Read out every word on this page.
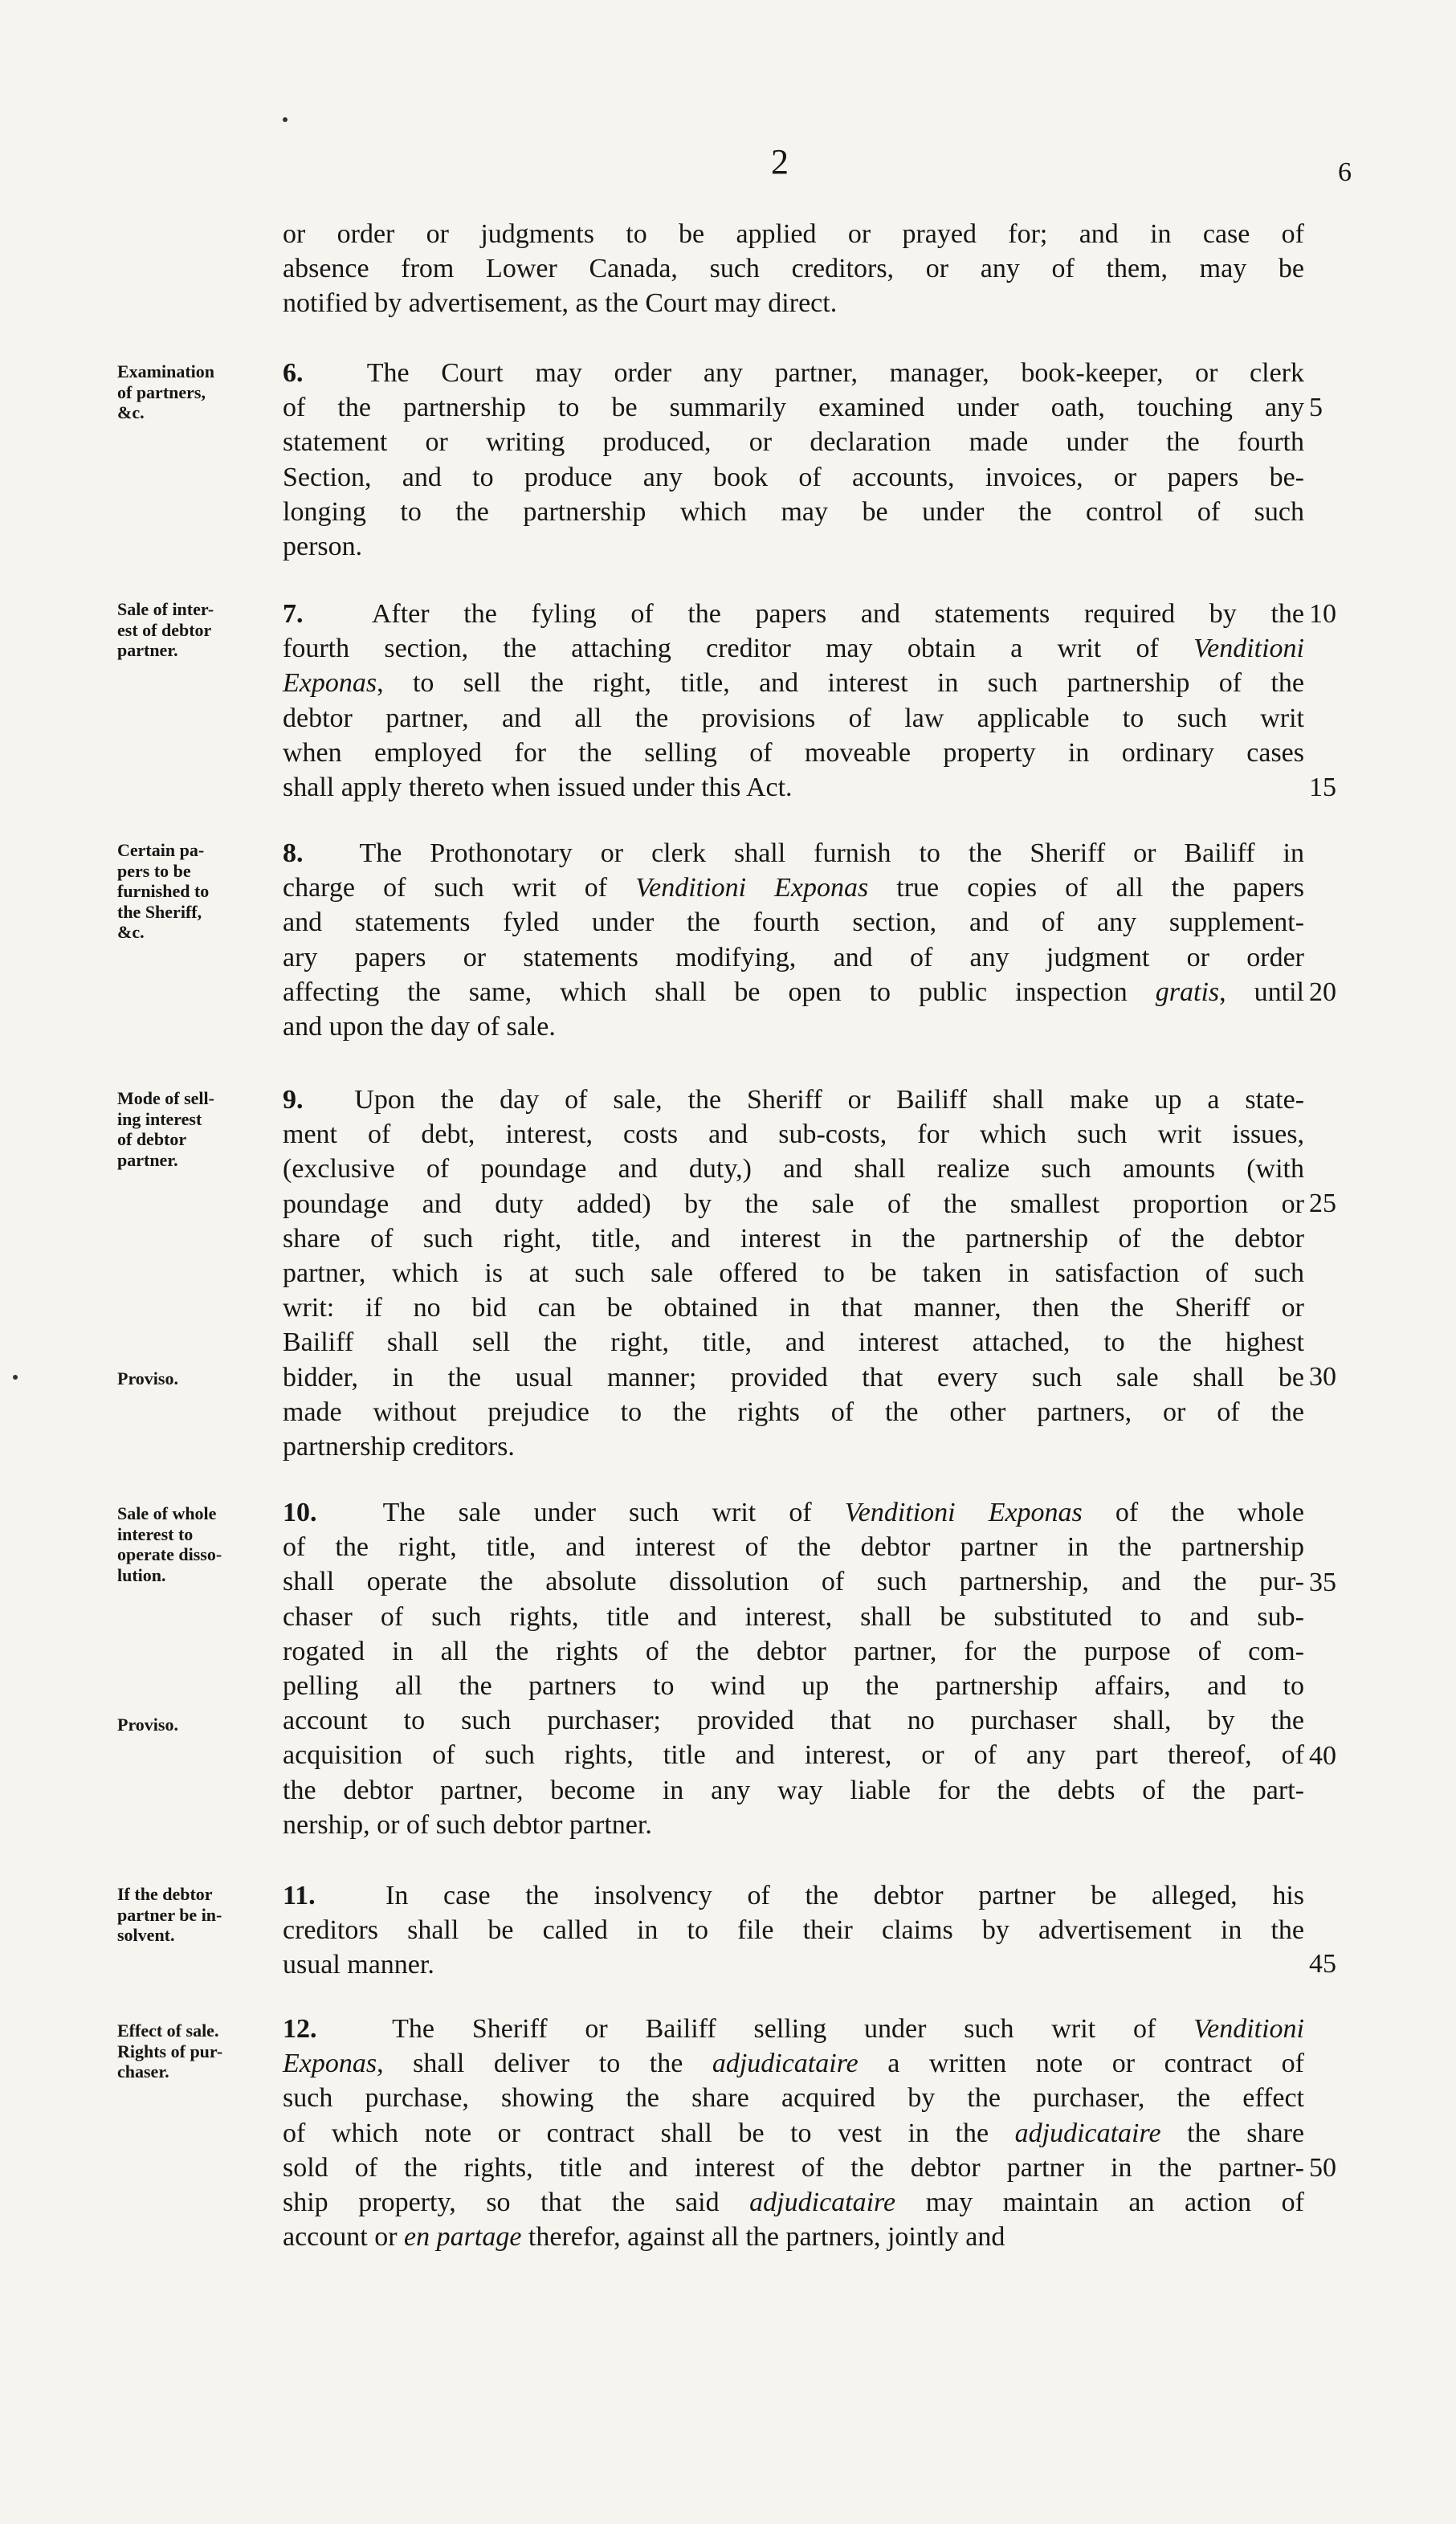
2	6
or order or judgments to be applied or prayed for; and in case of
absence from Lower Canada, such creditors, or any of them, may be
notified by advertisement, as the Court may direct.
Examination
of partners,
&c.
6. The Court may order any partner, manager, book-keeper, or clerk
of the partnership to be summarily examined under oath, touching any
statement or writing produced, or declaration made under the fourth
Section, and to produce any book of accounts, invoices, or papers be-
longing to the partnership which may be under the control of such
person.
Sale of inter-
est of debtor
partner.
7.	After the fyling of the papers and statements required by the
fourth section, the attaching creditor may obtain a writ of Venditioni
Exponas, to sell the right, title, and interest in such partnership of the
debtor partner, and all the provisions of law applicable to such writ
when employed for the selling of moveable property in ordinary cases
shall apply thereto when issued under this Act.
Certain pa-
pers to be
furnished to
the Sheriff,
&c.
8. The Prothonotary or clerk shall furnish to the Sheriff or Bailiff in
charge of such writ of Venditioni Exponas true copies of all the papers
and statements fyled under the fourth section, and of any supplement-
ary papers or statements modifying, and of any judgment or order
affecting the same, which shall be open to public inspection gratis, until
and upon the day of sale.
Mode of sell-
ing interest
of debtor
partner.
Proviso.
9. Upon the day of sale, the Sheriff or Bailiff shall make up a state-
ment of debt, interest, costs and sub-costs, for which such writ issues,
(exclusive of poundage and duty,) and shall realize such amounts (with
poundage and duty added) by the sale of the smallest proportion or
share of such right, title, and interest in the partnership of the debtor
partner, which is at such sale offered to be taken in satisfaction of such
writ: if no bid can be obtained in that manner, then the Sheriff or
Bailiff shall sell the right, title, and interest attached, to the highest
bidder, in the usual manner; provided that every such sale shall be
made without prejudice to the rights of the other partners, or of the
partnership creditors.
Sale of whole
interest to
operate disso-
lution.
Proviso.
10.  The sale under such writ of Venditioni Exponas of the whole
of the right, title, and interest of the debtor partner in the partnership
shall operate the absolute dissolution of such partnership, and the pur-
chaser of such rights, title and interest, shall be substituted to and sub-
rogated in all the rights of the debtor partner, for the purpose of com-
pelling all the partners to wind up the partnership affairs, and to
account to such purchaser; provided that no purchaser shall, by the
acquisition of such rights, title and interest, or of any part thereof, of
the debtor partner, become in any way liable for the debts of the part-
nership, or of such debtor partner.
If the debtor
partner be in-
solvent.
11.	In case the insolvency of the debtor partner be alleged, his
creditors shall be called in to file their claims by advertisement in the
usual manner.
Effect of sale.
Rights of pur-
chaser.
12.  The Sheriff or Bailiff selling under such writ of Venditioni
Exponas, shall deliver to the adjudicataire a written note or contract of
such purchase, showing the share acquired by the purchaser, the effect
of which note or contract shall be to vest in the adjudicataire the share
sold of the rights, title and interest of the debtor partner in the partner-
ship property, so that the said adjudicataire may maintain an action of
account or en partage therefor, against all the partners, jointly and
5
10
15
20
25
30
35
40
45
50
